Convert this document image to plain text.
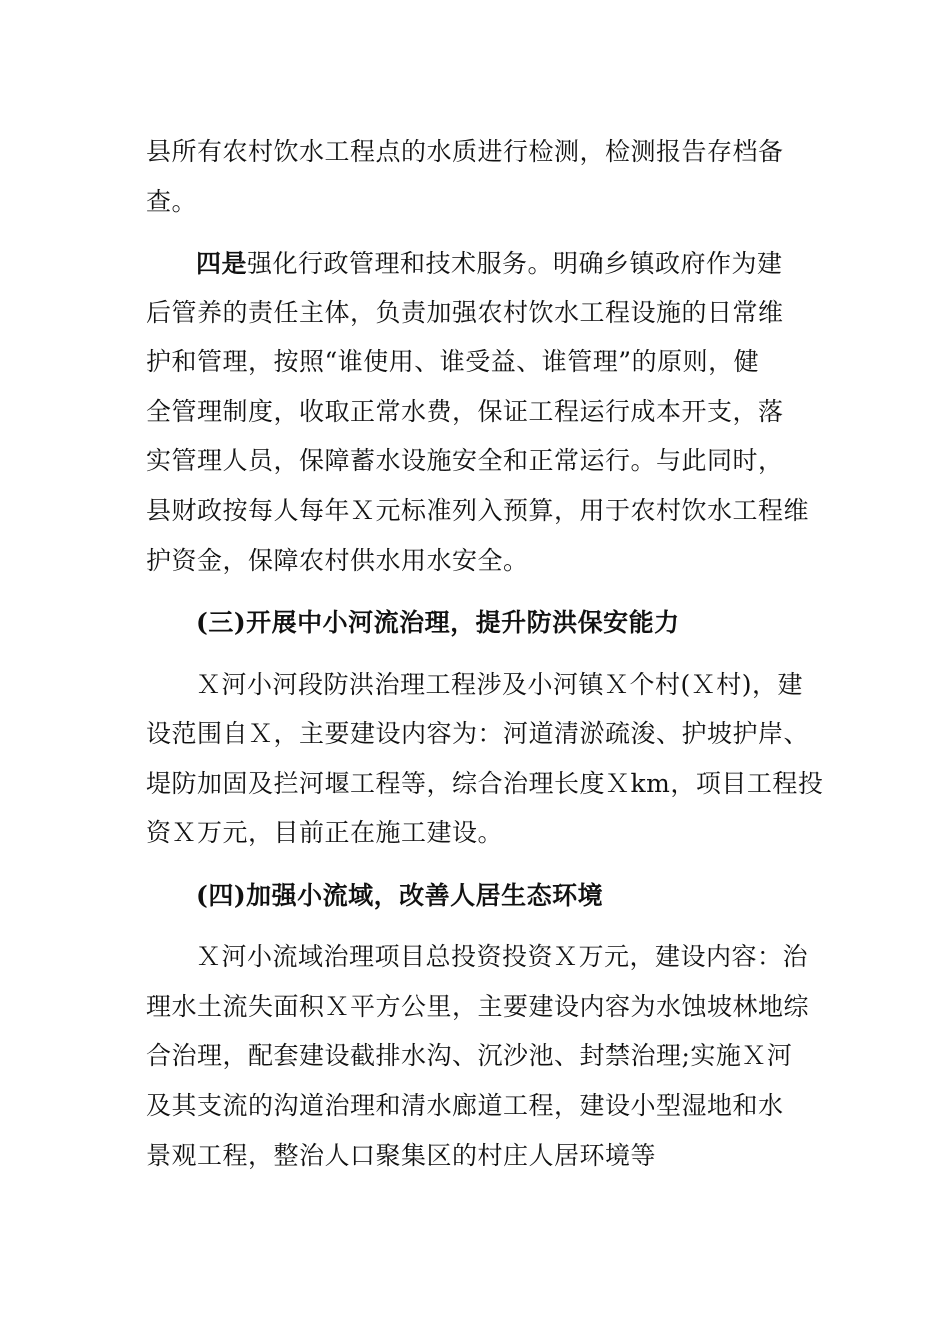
县所有农村饮水工程点的水质进行检测，检测报告存档备
查。
四是强化行政管理和技术服务。明确乡镇政府作为建
后管养的责任主体，负责加强农村饮水工程设施的日常维
护和管理，按照“谁使用、谁受益、谁管理”的原则，健
全管理制度，收取正常水费，保证工程运行成本开支，落
实管理人员，保障蓄水设施安全和正常运行。与此同时，
县财政按每人每年Ｘ元标准列入预算，用于农村饮水工程维
护资金，保障农村供水用水安全。
(三)开展中小河流治理，提升防洪保安能力
Ｘ河小河段防洪治理工程涉及小河镇Ｘ个村(Ｘ村)，建
设范围自Ｘ，主要建设内容为：河道清淤疏浚、护坡护岸、
堤防加固及拦河堰工程等，综合治理长度Ｘkm，项目工程投
资Ｘ万元，目前正在施工建设。
(四)加强小流域，改善人居生态环境
Ｘ河小流域治理项目总投资投资Ｘ万元，建设内容：治
理水土流失面积Ｘ平方公里，主要建设内容为水蚀坡林地综
合治理，配套建设截排水沟、沉沙池、封禁治理;实施Ｘ河
及其支流的沟道治理和清水廊道工程，建设小型湿地和水
景观工程，整治人口聚集区的村庄人居环境等
